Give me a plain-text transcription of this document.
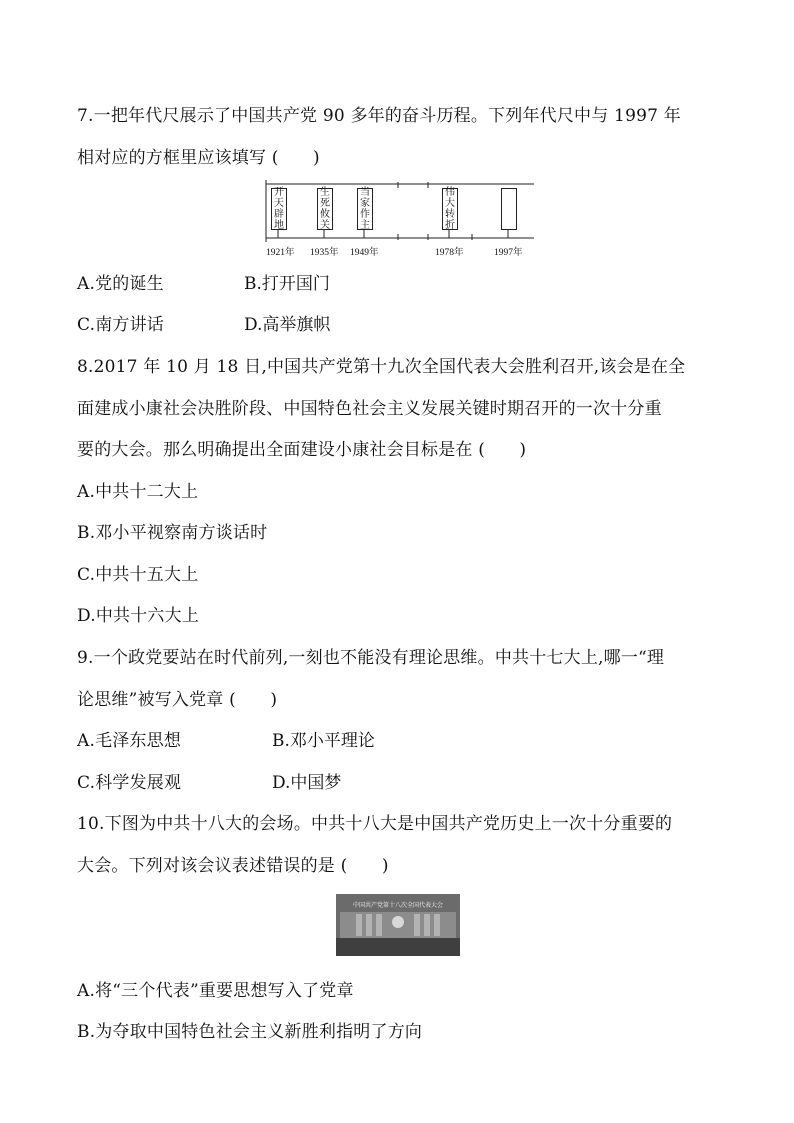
7.一把年代尺展示了中国共产党 90 多年的奋斗历程。下列年代尺中与 1997 年
相对应的方框里应该填写 (　　)
开
天
辟
地
生
死
攸
关
当
家
作
主
伟
大
转
折
1921年 1935年 1949年	1978年	1997年
A.党的诞生	B.打开国门
C.南方讲话	D.高举旗帜
8.2017 年 10 月 18 日,中国共产党第十九次全国代表大会胜利召开,该会是在全
面建成小康社会决胜阶段、中国特色社会主义发展关键时期召开的一次十分重
要的大会。那么明确提出全面建设小康社会目标是在 (　　)
A.中共十二大上
B.邓小平视察南方谈话时
C.中共十五大上
D.中共十六大上
9.一个政党要站在时代前列,一刻也不能没有理论思维。中共十七大上,哪一“理
论思维”被写入党章 (　　)
A.毛泽东思想	B.邓小平理论
C.科学发展观	D.中国梦
10.下图为中共十八大的会场。中共十八大是中国共产党历史上一次十分重要的
大会。下列对该会议表述错误的是 (　　)
中国共产党第十八次全国代表大会
A.将“三个代表”重要思想写入了党章
B.为夺取中国特色社会主义新胜利指明了方向
